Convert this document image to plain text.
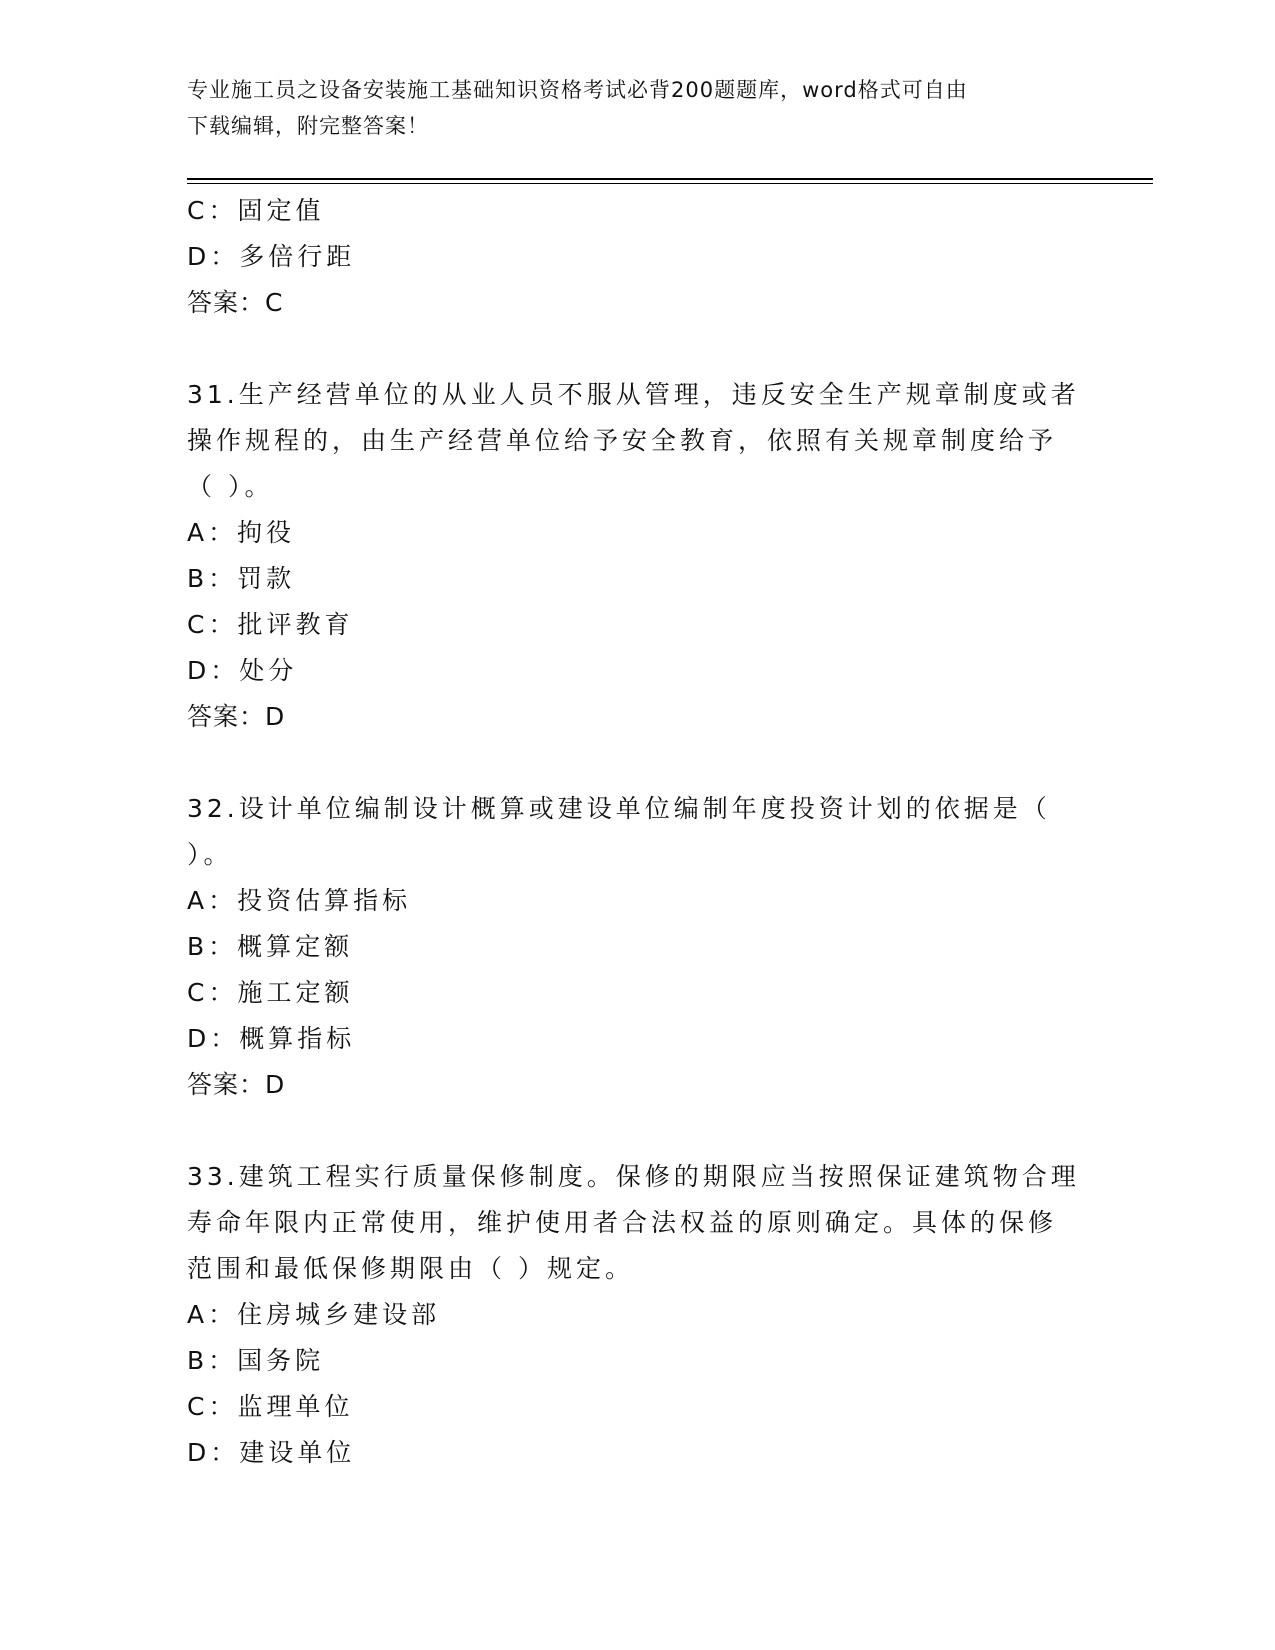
专业施工员之设备安装施工基础知识资格考试必背200题题库，word格式可自由
下载编辑，附完整答案！
C：固定值
D：多倍行距
答案：C
31.生产经营单位的从业人员不服从管理，违反安全生产规章制度或者
操作规程的，由生产经营单位给予安全教育，依照有关规章制度给予
（ ）。
A：拘役
B：罚款
C：批评教育
D：处分
答案：D
32.设计单位编制设计概算或建设单位编制年度投资计划的依据是（
）。
A：投资估算指标
B：概算定额
C：施工定额
D：概算指标
答案：D
33.建筑工程实行质量保修制度。保修的期限应当按照保证建筑物合理
寿命年限内正常使用，维护使用者合法权益的原则确定。具体的保修
范围和最低保修期限由（ ）规定。
A：住房城乡建设部
B：国务院
C：监理单位
D：建设单位
